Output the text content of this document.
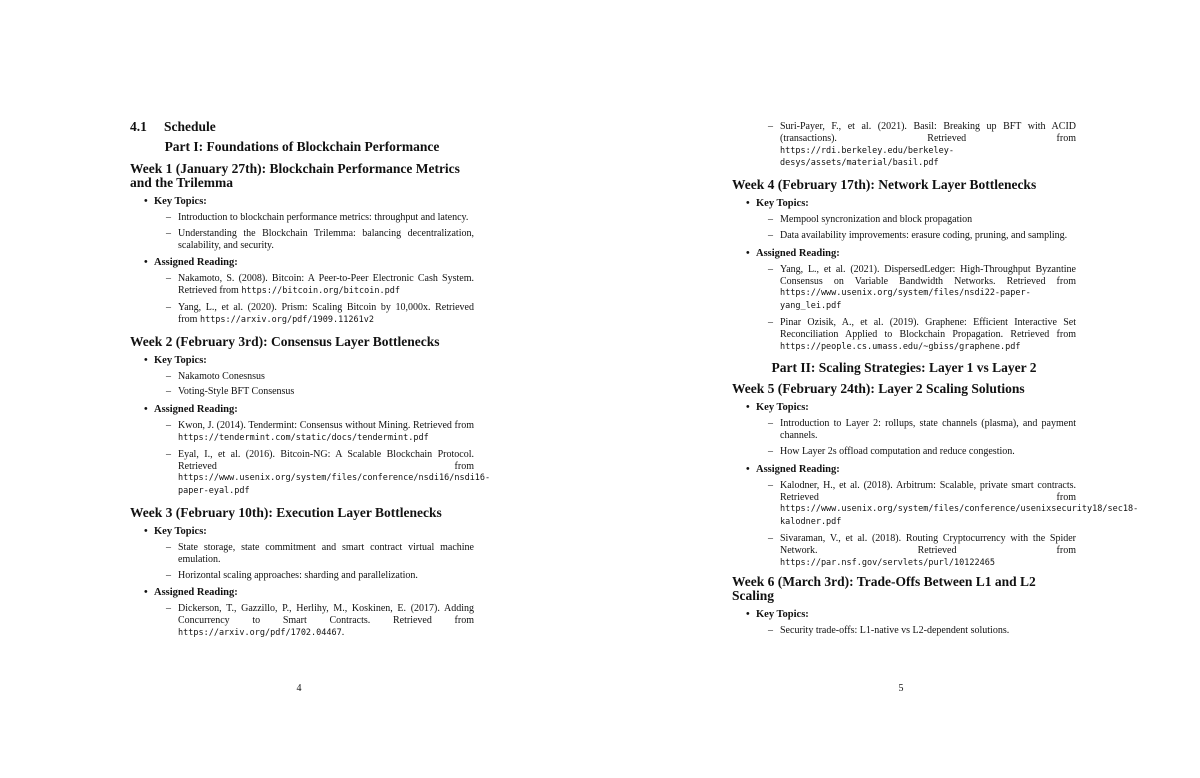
4.1 Schedule
Part I: Foundations of Blockchain Performance
Week 1 (January 27th): Blockchain Performance Metrics and the Trilemma
• Key Topics:
– Introduction to blockchain performance metrics: throughput and latency.
– Understanding the Blockchain Trilemma: balancing decentralization, scalability, and security.
• Assigned Reading:
– Nakamoto, S. (2008). Bitcoin: A Peer-to-Peer Electronic Cash System. Retrieved from https://bitcoin.org/bitcoin.pdf
– Yang, L., et al. (2020). Prism: Scaling Bitcoin by 10,000x. Retrieved from https://arxiv.org/pdf/1909.11261v2
Week 2 (February 3rd): Consensus Layer Bottlenecks
• Key Topics:
– Nakamoto Conesnsus
– Voting-Style BFT Consensus
• Assigned Reading:
– Kwon, J. (2014). Tendermint: Consensus without Mining. Retrieved from https://tendermint.com/static/docs/tendermint.pdf
– Eyal, I., et al. (2016). Bitcoin-NG: A Scalable Blockchain Protocol. Retrieved from https://www.usenix.org/system/files/conference/nsdi16/nsdi16-paper-eyal.pdf
Week 3 (February 10th): Execution Layer Bottlenecks
• Key Topics:
– State storage, state commitment and smart contract virtual machine emulation.
– Horizontal scaling approaches: sharding and parallelization.
• Assigned Reading:
– Dickerson, T., Gazzillo, P., Herlihy, M., Koskinen, E. (2017). Adding Concurrency to Smart Contracts. Retrieved from https://arxiv.org/pdf/1702.04467.
4
– Suri-Payer, F., et al. (2021). Basil: Breaking up BFT with ACID (transactions). Retrieved from https://rdi.berkeley.edu/berkeley-desys/assets/material/basil.pdf
Week 4 (February 17th): Network Layer Bottlenecks
• Key Topics:
– Mempool syncronization and block propagation
– Data availability improvements: erasure coding, pruning, and sampling.
• Assigned Reading:
– Yang, L., et al. (2021). DispersedLedger: High-Throughput Byzantine Consensus on Variable Bandwidth Networks. Retrieved from https://www.usenix.org/system/files/nsdi22-paper-yang_lei.pdf
– Pinar Ozisik, A., et al. (2019). Graphene: Efficient Interactive Set Reconciliation Applied to Blockchain Propagation. Retrieved from https://people.cs.umass.edu/~gbiss/graphene.pdf
Part II: Scaling Strategies: Layer 1 vs Layer 2
Week 5 (February 24th): Layer 2 Scaling Solutions
• Key Topics:
– Introduction to Layer 2: rollups, state channels (plasma), and payment channels.
– How Layer 2s offload computation and reduce congestion.
• Assigned Reading:
– Kalodner, H., et al. (2018). Arbitrum: Scalable, private smart contracts. Retrieved from https://www.usenix.org/system/files/conference/usenixsecurity18/sec18-kalodner.pdf
– Sivaraman, V., et al. (2018). Routing Cryptocurrency with the Spider Network. Retrieved from https://par.nsf.gov/servlets/purl/10122465
Week 6 (March 3rd): Trade-Offs Between L1 and L2 Scaling
• Key Topics:
– Security trade-offs: L1-native vs L2-dependent solutions.
5
